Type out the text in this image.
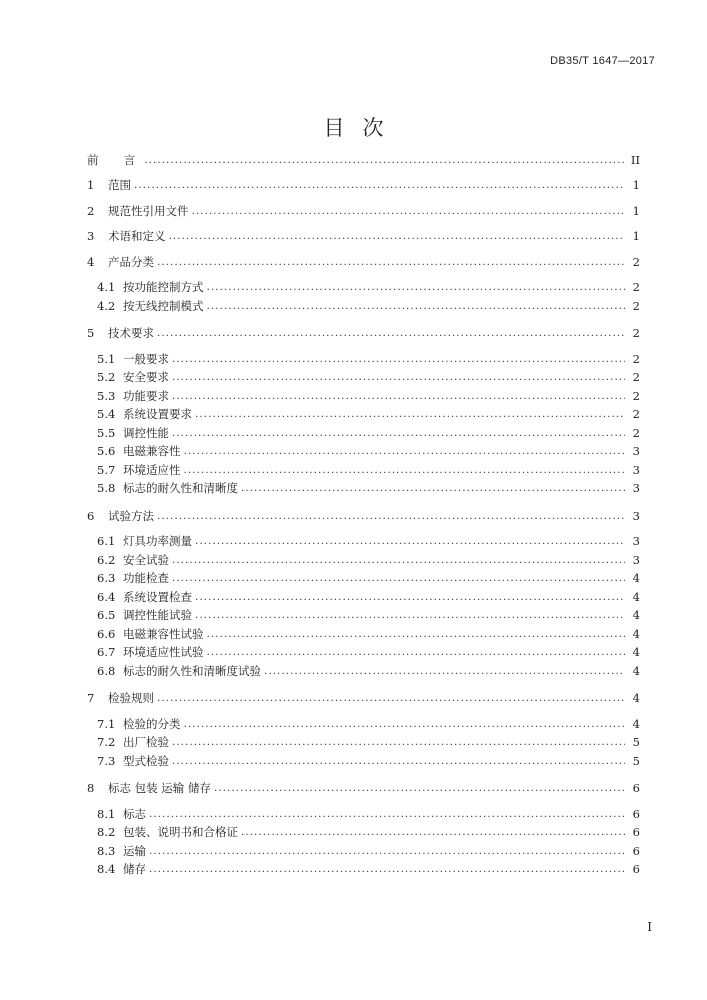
DB35/T 1647—2017
目次
前  言 .....	II
1	范围 .....	1
2	规范性引用文件 .....	1
3	术语和定义 .....	1
4	产品分类 .....	2
4.1 按功能控制方式 .....	2
4.2 按无线控制模式 .....	2
5	技术要求 .....	2
5.1 一般要求 .....	2
5.2 安全要求 .....	2
5.3 功能要求 .....	2
5.4 系统设置要求 .....	2
5.5 调控性能 .....	2
5.6 电磁兼容性 .....	3
5.7 环境适应性 .....	3
5.8 标志的耐久性和清晰度 .....	3
6	试验方法 .....	3
6.1 灯具功率测量 .....	3
6.2 安全试验 .....	3
6.3 功能检查 .....	4
6.4 系统设置检查 .....	4
6.5 调控性能试验 .....	4
6.6 电磁兼容性试验 .....	4
6.7 环境适应性试验 .....	4
6.8 标志的耐久性和清晰度试验 .....	4
7	检验规则 .....	4
7.1 检验的分类 .....	4
7.2 出厂检验 .....	5
7.3 型式检验 .....	5
8	标志 包装 运输 储存 .....	6
8.1 标志 .....	6
8.2 包装、说明书和合格证 .....	6
8.3 运输 .....	6
8.4 储存 .....	6
I
